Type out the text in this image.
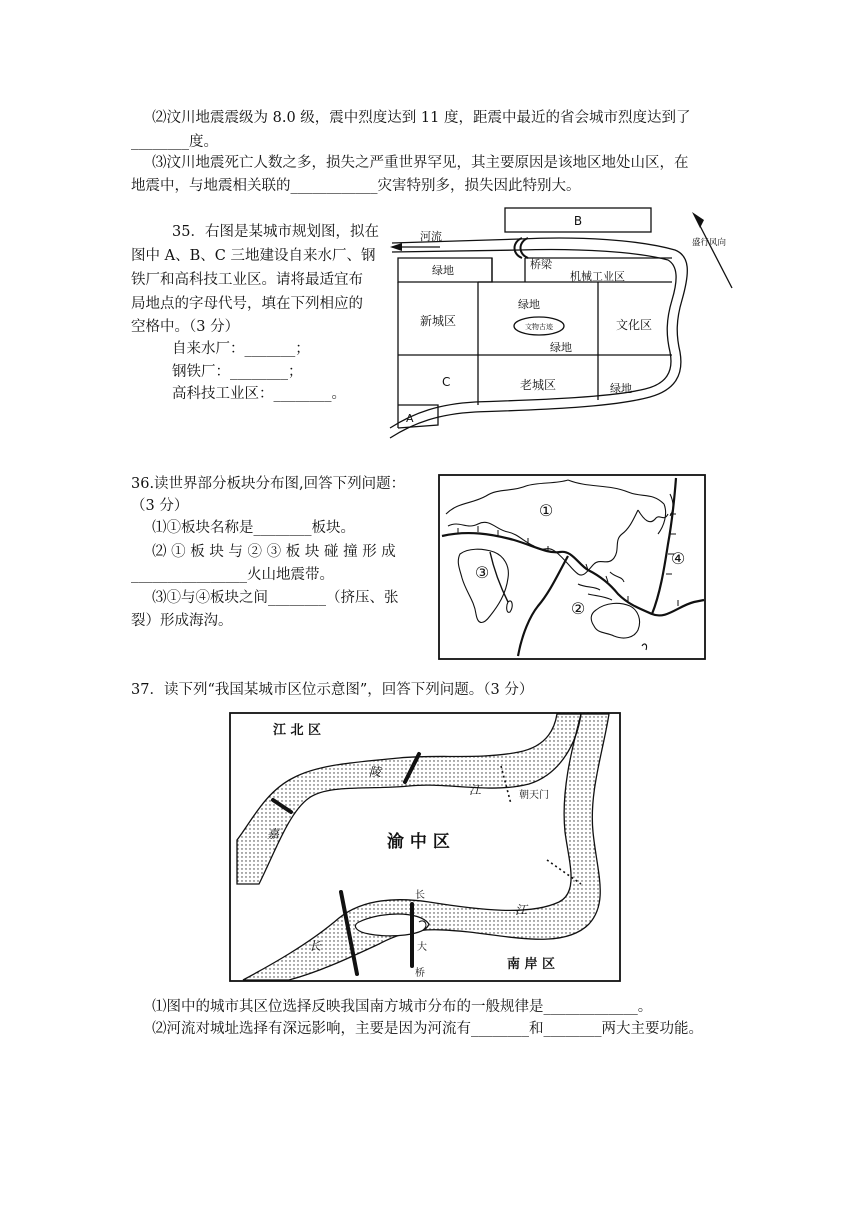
⑵汶川地震震级为 8.0 级，震中烈度达到 11 度，距震中最近的省会城市烈度达到了
________度。
⑶汶川地震死亡人数之多，损失之严重世界罕见，其主要原因是该地区地处山区，在
地震中，与地震相关联的____________灾害特别多，损失因此特别大。
35．右图是某城市规划图，拟在
图中 A、B、C 三地建设自来水厂、钢
铁厂和高科技工业区。请将最适宜布
局地点的字母代号，填在下列相应的
空格中。（3 分）
自来水厂：_______；
钢铁厂：________；
高科技工业区：________。
B
河流	盛行风向
绿地	桥梁
机械工业区
绿地
新城区	文物古迹	文化区
绿地
C	老城区	绿地
A
36.读世界部分板块分布图,回答下列问题：
（3 分）
⑴①板块名称是________板块。
⑵ ① 板 块 与 ② ③ 板 块 碰 撞 形 成
________________火山地震带。
⑶①与④板块之间________（挤压、张
裂）形成海沟。
①
②
③
④
37．读下列“我国某城市区位示意图”，回答下列问题。（3 分）
江 北 区
陵
江	朝天门
嘉	渝 中 区
江
长
长	大
桥
南 岸 区
⑴图中的城市其区位选择反映我国南方城市分布的一般规律是_____________。
⑵河流对城址选择有深远影响，主要是因为河流有________和________两大主要功能。
